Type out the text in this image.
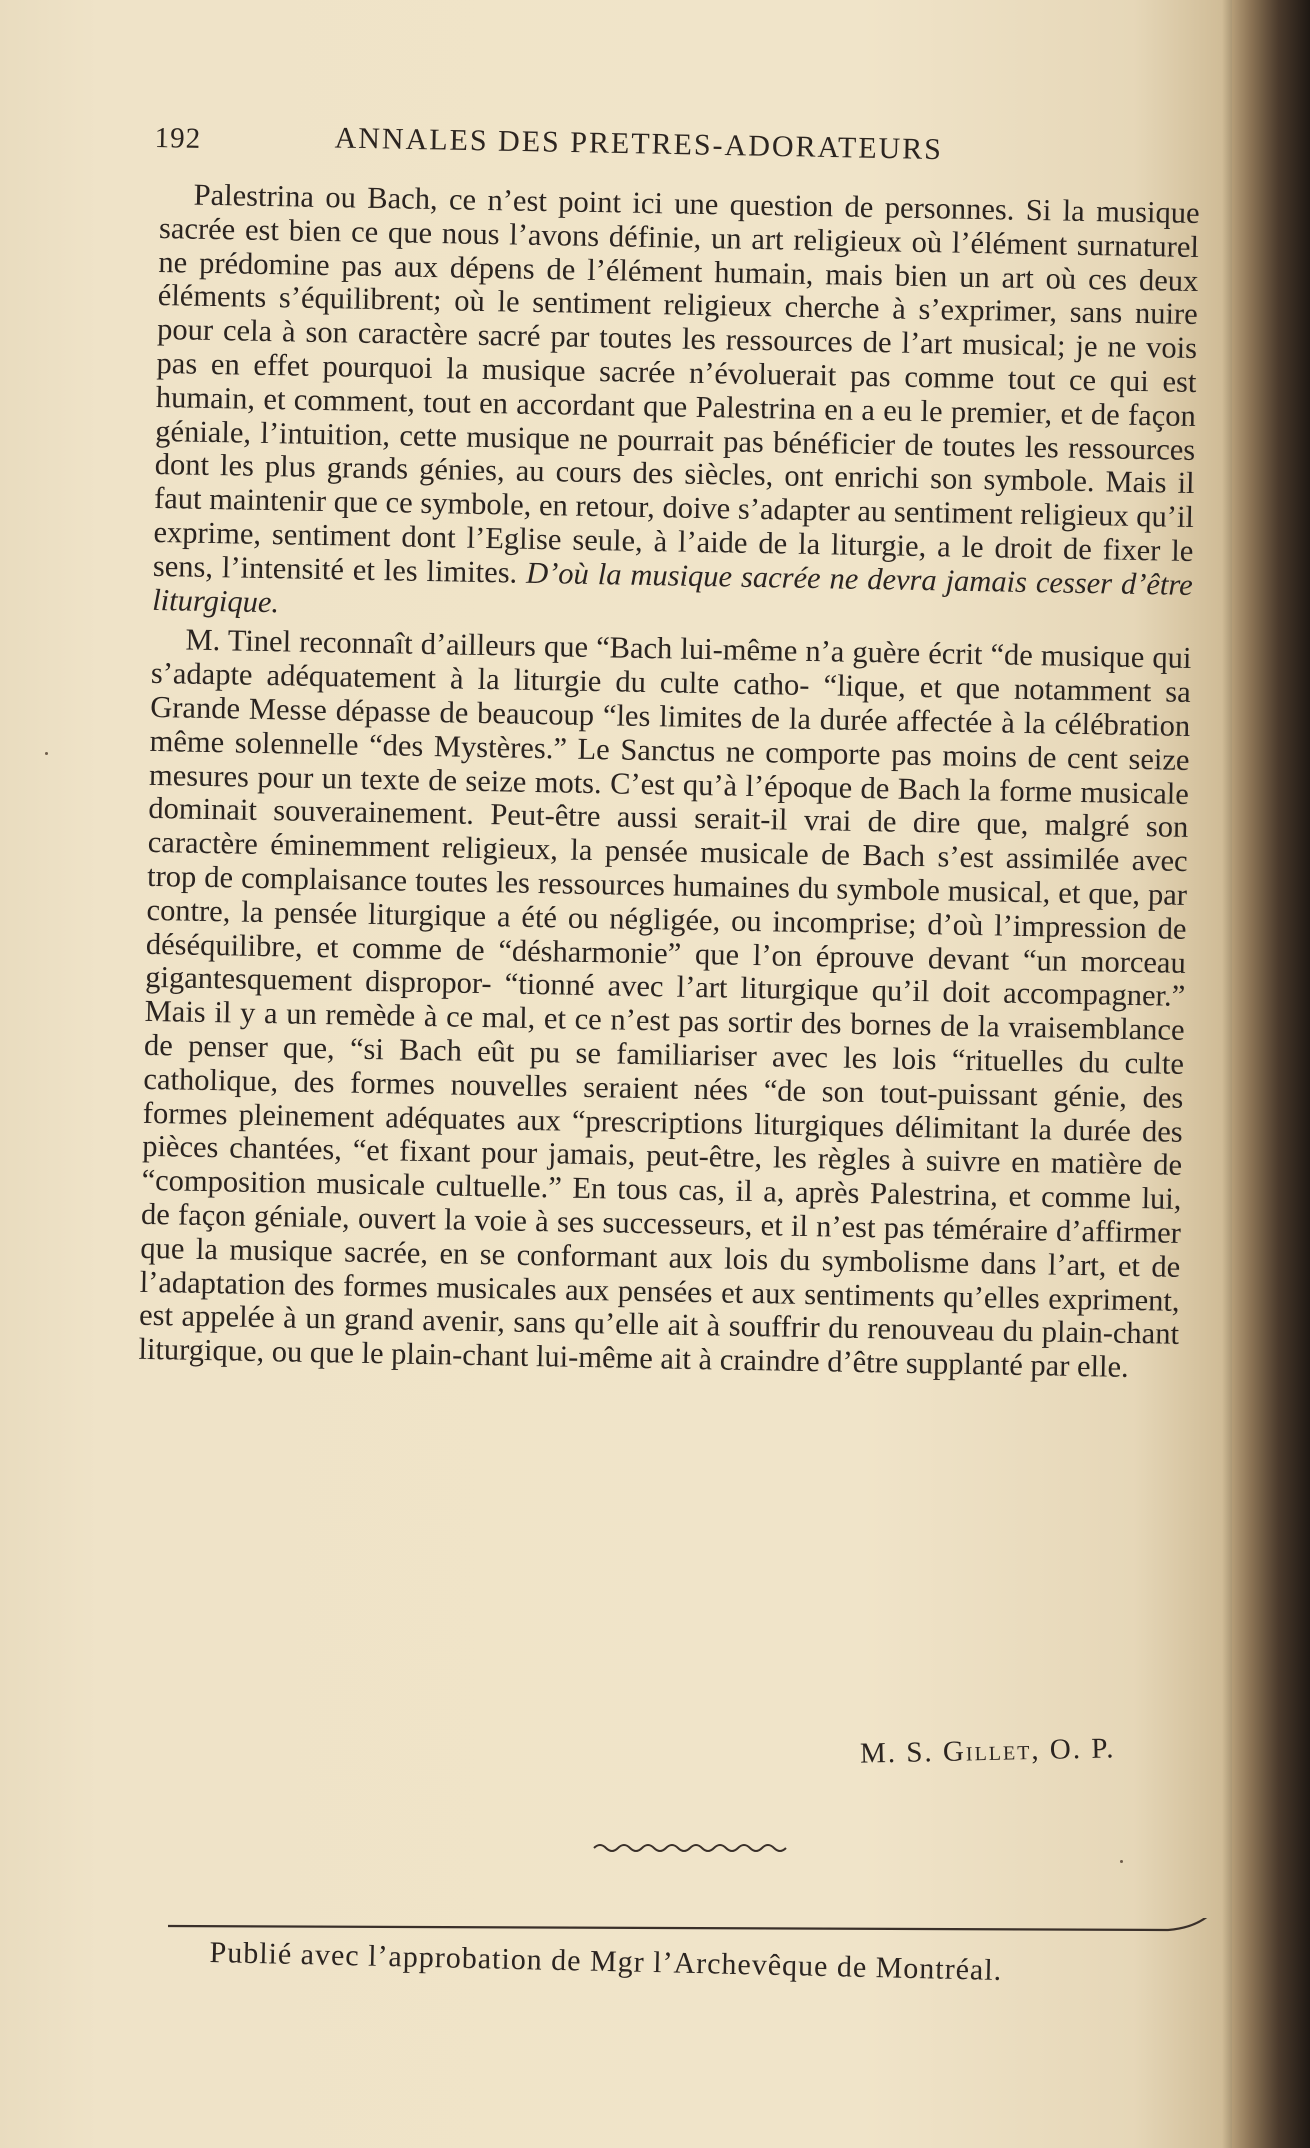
192	ANNALES DES PRETRES-ADORATEURS

Palestrina ou Bach, ce n’est point ici une question de personnes. Si la musique sacrée est bien ce que nous l’avons définie, un art religieux où l’élément surnaturel ne prédomine pas aux dépens de l’élément humain, mais bien un art où ces deux éléments s’équilibrent; où le sentiment religieux cherche à s’exprimer, sans nuire pour cela à son caractère sacré par toutes les ressources de l’art musical; je ne vois pas en effet pourquoi la musique sacrée n’évoluerait pas comme tout ce qui est humain, et comment, tout en accordant que Palestrina en a eu le premier, et de façon géniale, l’intuition, cette musique ne pourrait pas bénéficier de toutes les ressources dont les plus grands génies, au cours des siècles, ont enrichi son symbole. Mais il faut maintenir que ce symbole, en retour, doive s’adapter au sentiment religieux qu’il exprime, sentiment dont l’Eglise seule, à l’aide de la liturgie, a le droit de fixer le sens, l’intensité et les limites. D’où la musique sacrée ne devra jamais cesser d’être liturgique.

M. Tinel reconnaît d’ailleurs que “Bach lui-même n’a guère écrit “de musique qui s’adapte adéquatement à la liturgie du culte catho- “lique, et que notamment sa Grande Messe dépasse de beaucoup “les limites de la durée affectée à la célébration même solennelle “des Mystères.” Le Sanctus ne comporte pas moins de cent seize mesures pour un texte de seize mots. C’est qu’à l’époque de Bach la forme musicale dominait souverainement. Peut-être aussi serait-il vrai de dire que, malgré son caractère éminemment religieux, la pensée musicale de Bach s’est assimilée avec trop de complaisance toutes les ressources humaines du symbole musical, et que, par contre, la pensée liturgique a été ou négligée, ou incomprise; d’où l’impression de déséquilibre, et comme de “désharmonie” que l’on éprouve devant “un morceau gigantesquement dispropor- “tionné avec l’art liturgique qu’il doit accompagner.” Mais il y a un remède à ce mal, et ce n’est pas sortir des bornes de la vraisemblance de penser que, “si Bach eût pu se familiariser avec les lois “rituelles du culte catholique, des formes nouvelles seraient nées “de son tout-puissant génie, des formes pleinement adéquates aux “prescriptions liturgiques délimitant la durée des pièces chantées, “et fixant pour jamais, peut-être, les règles à suivre en matière de “composition musicale cultuelle.” En tous cas, il a, après Palestrina, et comme lui, de façon géniale, ouvert la voie à ses successeurs, et il n’est pas téméraire d’affirmer que la musique sacrée, en se conformant aux lois du symbolisme dans l’art, et de l’adaptation des formes musicales aux pensées et aux sentiments qu’elles expriment, est appelée à un grand avenir, sans qu’elle ait à souffrir du renouveau du plain-chant liturgique, ou que le plain-chant lui-même ait à craindre d’être supplanté par elle.

M. S. Gillet, O. P.
Publié avec l’approbation de Mgr l’Archevêque de Montréal.
